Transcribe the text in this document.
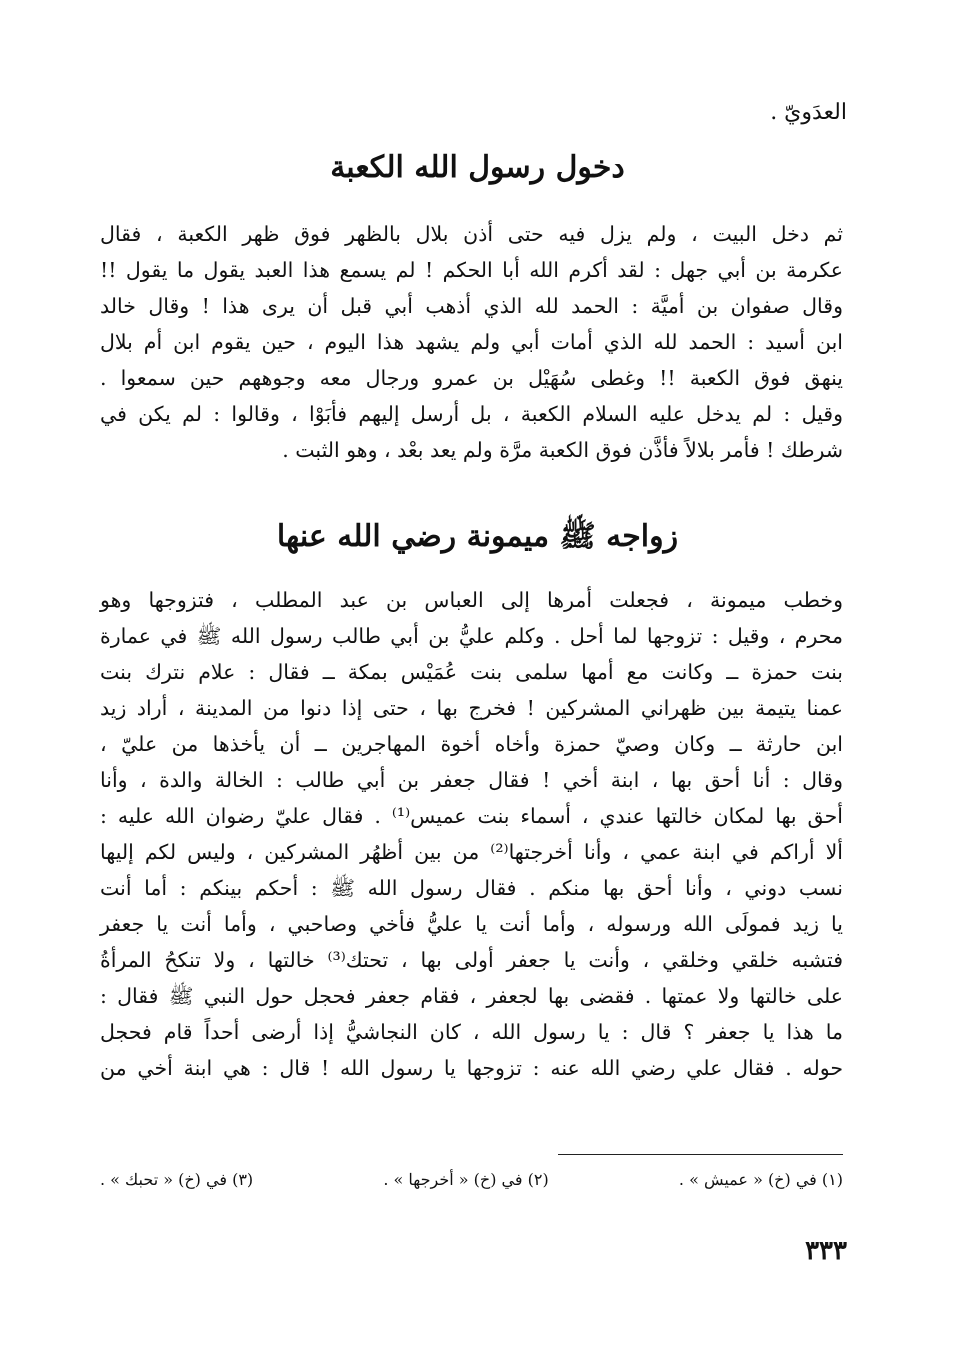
العدَويّ .
دخول رسول الله الكعبة
ثم دخل البيت ، ولم يزل فيه حتى أذن بلال بالظهر فوق ظهر الكعبة ، فقال
عكرمة بن أبي جهل : لقد أكرم الله أبا الحكم ! لم يسمع هذا العبد يقول ما يقول !!
وقال صفوان بن أميَّة : الحمد لله الذي أذهب أبي قبل أن يرى هذا ! وقال خالد
ابن أسيد : الحمد لله الذي أمات أبي ولم يشهد هذا اليوم ، حين يقوم ابن أم بلال
ينهق فوق الكعبة !! وغطى سُهَيْل بن عمرو ورجال معه وجوههم حين سمعوا .
وقيل : لم يدخل عليه السلام الكعبة ، بل أرسل إليهم فأبَوْا ، وقالوا : لم يكن في
شرطك ! فأمر بلالاً فأذَّن فوق الكعبة مرَّة ولم يعد بعْد ، وهو الثبت .
زواجه ﷺ ميمونة رضي الله عنها
وخطب ميمونة ، فجعلت أمرها إلى العباس بن عبد المطلب ، فتزوجها وهو
محرم ، وقيل : تزوجها لما أحل . وكلم عليُّ بن أبي طالب رسول الله ﷺ في عمارة
بنت حمزة ــ وكانت مع أمها سلمى بنت عُمَيْس بمكة ــ فقال : علام نترك بنت
عمنا يتيمة بين ظهراني المشركين ! فخرج بها ، حتى إذا دنوا من المدينة ، أراد زيد
ابن حارثة ــ وكان وصيّ حمزة وأخاه أخوة المهاجرين ــ أن يأخذها من عليّ ،
وقال : أنا أحق بها ، ابنة أخي ! فقال جعفر بن أبي طالب : الخالة والدة ، وأنا
أحق بها لمكان خالتها عندي ، أسماء بنت عميس⁽¹⁾ . فقال عليّ رضوان الله عليه :
ألا أراكم في ابنة عمي ، وأنا أخرجتها⁽²⁾ من بين أظهُر المشركين ، وليس لكم إليها
نسب دوني ، وأنا أحق بها منكم . فقال رسول الله ﷺ : أحكم بينكم : أما أنت
يا زيد فمولَى الله ورسوله ، وأما أنت يا عليُّ فأخي وصاحبي ، وأما أنت يا جعفر
فتشبه خلقي وخلقي ، وأنت يا جعفر أولى بها ، تحتك⁽³⁾ خالتها ، ولا تنكحُ المرأةُ
على خالتها ولا عمتها . فقضى بها لجعفر ، فقام جعفر فحجل حول النبي ﷺ فقال :
ما هذا يا جعفر ؟ قال : يا رسول الله ، كان النجاشيُّ إذا أرضى أحداً قام فحجل
حوله . فقال علي رضي الله عنه : تزوجها يا رسول الله ! قال : هي ابنة أخي من
(١) في (خ) « عميش » .
(٢) في (خ) « أخرجها » .
(٣) في (خ) « تحبك » .
٣٣٣
